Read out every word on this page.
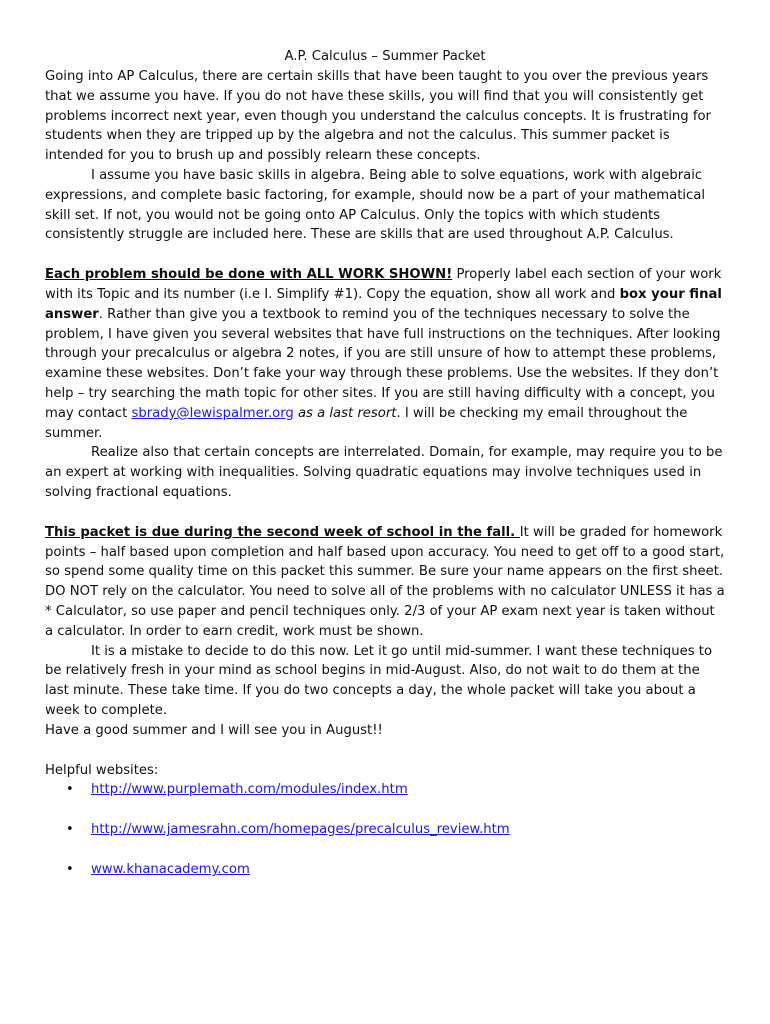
A.P. Calculus – Summer Packet

Going into AP Calculus, there are certain skills that have been taught to you over the previous years that we assume you have. If you do not have these skills, you will find that you will consistently get problems incorrect next year, even though you understand the calculus concepts. It is frustrating for students when they are tripped up by the algebra and not the calculus. This summer packet is intended for you to brush up and possibly relearn these concepts.

I assume you have basic skills in algebra. Being able to solve equations, work with algebraic expressions, and complete basic factoring, for example, should now be a part of your mathematical skill set. If not, you would not be going onto AP Calculus. Only the topics with which students consistently struggle are included here. These are skills that are used throughout A.P. Calculus.

Each problem should be done with ALL WORK SHOWN! Properly label each section of your work with its Topic and its number (i.e I. Simplify #1). Copy the equation, show all work and box your final answer. Rather than give you a textbook to remind you of the techniques necessary to solve the problem, I have given you several websites that have full instructions on the techniques. After looking through your precalculus or algebra 2 notes, if you are still unsure of how to attempt these problems, examine these websites. Don’t fake your way through these problems. Use the websites. If they don’t help – try searching the math topic for other sites. If you are still having difficulty with a concept, you may contact sbrady@lewispalmer.org as a last resort. I will be checking my email throughout the summer.

Realize also that certain concepts are interrelated. Domain, for example, may require you to be an expert at working with inequalities. Solving quadratic equations may involve techniques used in solving fractional equations.

This packet is due during the second week of school in the fall. It will be graded for homework points – half based upon completion and half based upon accuracy. You need to get off to a good start, so spend some quality time on this packet this summer. Be sure your name appears on the first sheet. DO NOT rely on the calculator. You need to solve all of the problems with no calculator UNLESS it has a * Calculator, so use paper and pencil techniques only. 2/3 of your AP exam next year is taken without a calculator. In order to earn credit, work must be shown.

It is a mistake to decide to do this now. Let it go until mid-summer. I want these techniques to be relatively fresh in your mind as school begins in mid-August. Also, do not wait to do them at the last minute. These take time. If you do two concepts a day, the whole packet will take you about a week to complete.

Have a good summer and I will see you in August!!

Helpful websites:

• http://www.purplemath.com/modules/index.htm
• http://www.jamesrahn.com/homepages/precalculus_review.htm
• www.khanacademy.com
